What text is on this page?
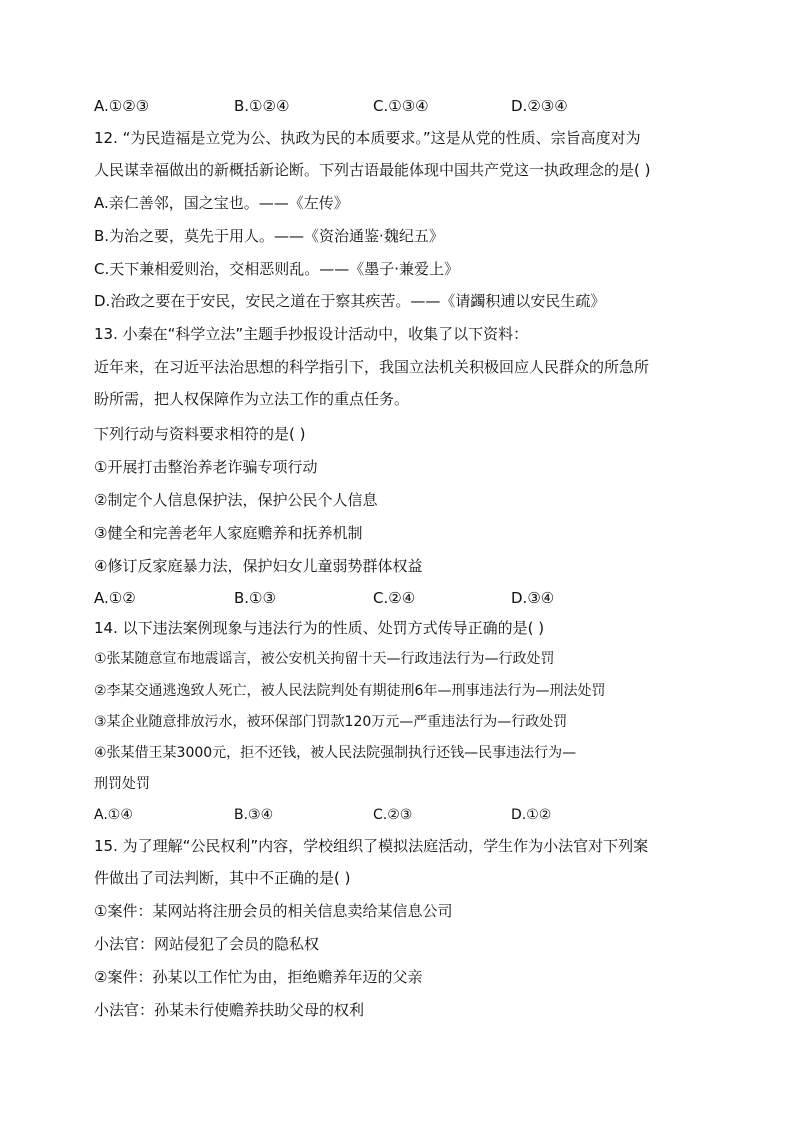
A.①②③	B.①②④	C.①③④	D.②③④
12. “为民造福是立党为公、执政为民的本质要求。”这是从党的性质、宗旨高度对为
人民谋幸福做出的新概括新论断。下列古语最能体现中国共产党这一执政理念的是( )
A.亲仁善邻，国之宝也。——《左传》
B.为治之要，莫先于用人。——《资治通鉴·魏纪五》
C.天下兼相爱则治，交相恶则乱。——《墨子·兼爱上》
D.治政之要在于安民，安民之道在于察其疾苦。——《请蠲积逋以安民生疏》
13. 小秦在“科学立法”主题手抄报设计活动中，收集了以下资料：
近年来，在习近平法治思想的科学指引下，我国立法机关积极回应人民群众的所急所
盼所需，把人权保障作为立法工作的重点任务。
下列行动与资料要求相符的是( )
①开展打击整治养老诈骗专项行动
②制定个人信息保护法，保护公民个人信息
③健全和完善老年人家庭赡养和抚养机制
④修订反家庭暴力法，保护妇女儿童弱势群体权益
A.①②	B.①③	C.②④	D.③④
14. 以下违法案例现象与违法行为的性质、处罚方式传导正确的是( )
①张某随意宣布地震谣言，被公安机关拘留十天—行政违法行为—行政处罚
②李某交通逃逸致人死亡，被人民法院判处有期徒刑6年—刑事违法行为—刑法处罚
③某企业随意排放污水，被环保部门罚款120万元—严重违法行为—行政处罚
④张某借王某3000元，拒不还钱，被人民法院强制执行还钱—民事违法行为—
刑罚处罚
A.①④	B.③④	C.②③	D.①②
15. 为了理解“公民权利”内容，学校组织了模拟法庭活动，学生作为小法官对下列案
件做出了司法判断，其中不正确的是( )
①案件：某网站将注册会员的相关信息卖给某信息公司
小法官：网站侵犯了会员的隐私权
②案件：孙某以工作忙为由，拒绝赡养年迈的父亲
小法官：孙某未行使赡养扶助父母的权利
